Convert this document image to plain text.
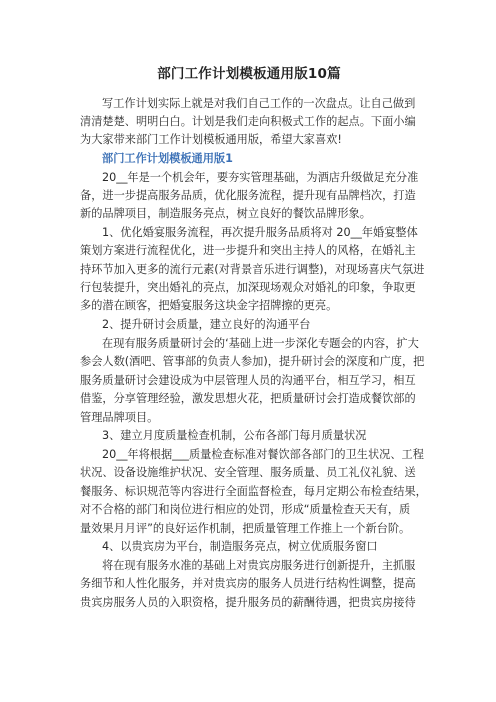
部门工作计划模板通用版10篇
写工作计划实际上就是对我们自己工作的一次盘点。让自己做到
清清楚楚、明明白白。计划是我们走向积极式工作的起点。下面小编
为大家带来部门工作计划模板通用版，希望大家喜欢!
部门工作计划模板通用版1
20__年是一个机会年，要夯实管理基础，为酒店升级做足充分准
备，进一步提高服务品质，优化服务流程，提升现有品牌档次，打造
新的品牌项目，制造服务亮点，树立良好的餐饮品牌形象。
1、优化婚宴服务流程，再次提升服务品质将对 20__年婚宴整体
策划方案进行流程优化，进一步提升和突出主持人的风格，在婚礼主
持环节加入更多的流行元素(对背景音乐进行调整)，对现场喜庆气氛进
行包装提升，突出婚礼的亮点，加深现场观众对婚礼的印象，争取更
多的潜在顾客，把婚宴服务这块金字招牌擦的更亮。
2、提升研讨会质量，建立良好的沟通平台
在现有服务质量研讨会的‘基础上进一步深化专题会的内容，扩大
参会人数(酒吧、管事部的负责人参加)，提升研讨会的深度和广度，把
服务质量研讨会建设成为中层管理人员的沟通平台，相互学习，相互
借鉴，分享管理经验，激发思想火花，把质量研讨会打造成餐饮部的
管理品牌项目。
3、建立月度质量检查机制，公布各部门每月质量状况
20__年将根据___质量检查标准对餐饮部各部门的卫生状况、工程
状况、设备设施维护状况、安全管理、服务质量、员工礼仪礼貌、送
餐服务、标识规范等内容进行全面监督检查，每月定期公布检查结果，
对不合格的部门和岗位进行相应的处罚，形成“质量检查天天有，质
量效果月月评”的良好运作机制，把质量管理工作推上一个新台阶。
4、以贵宾房为平台，制造服务亮点，树立优质服务窗口
将在现有服务水准的基础上对贵宾房服务进行创新提升，主抓服
务细节和人性化服务，并对贵宾房的服务人员进行结构性调整，提高
贵宾房服务人员的入职资格，提升服务员的薪酬待遇，把贵宾房接待
